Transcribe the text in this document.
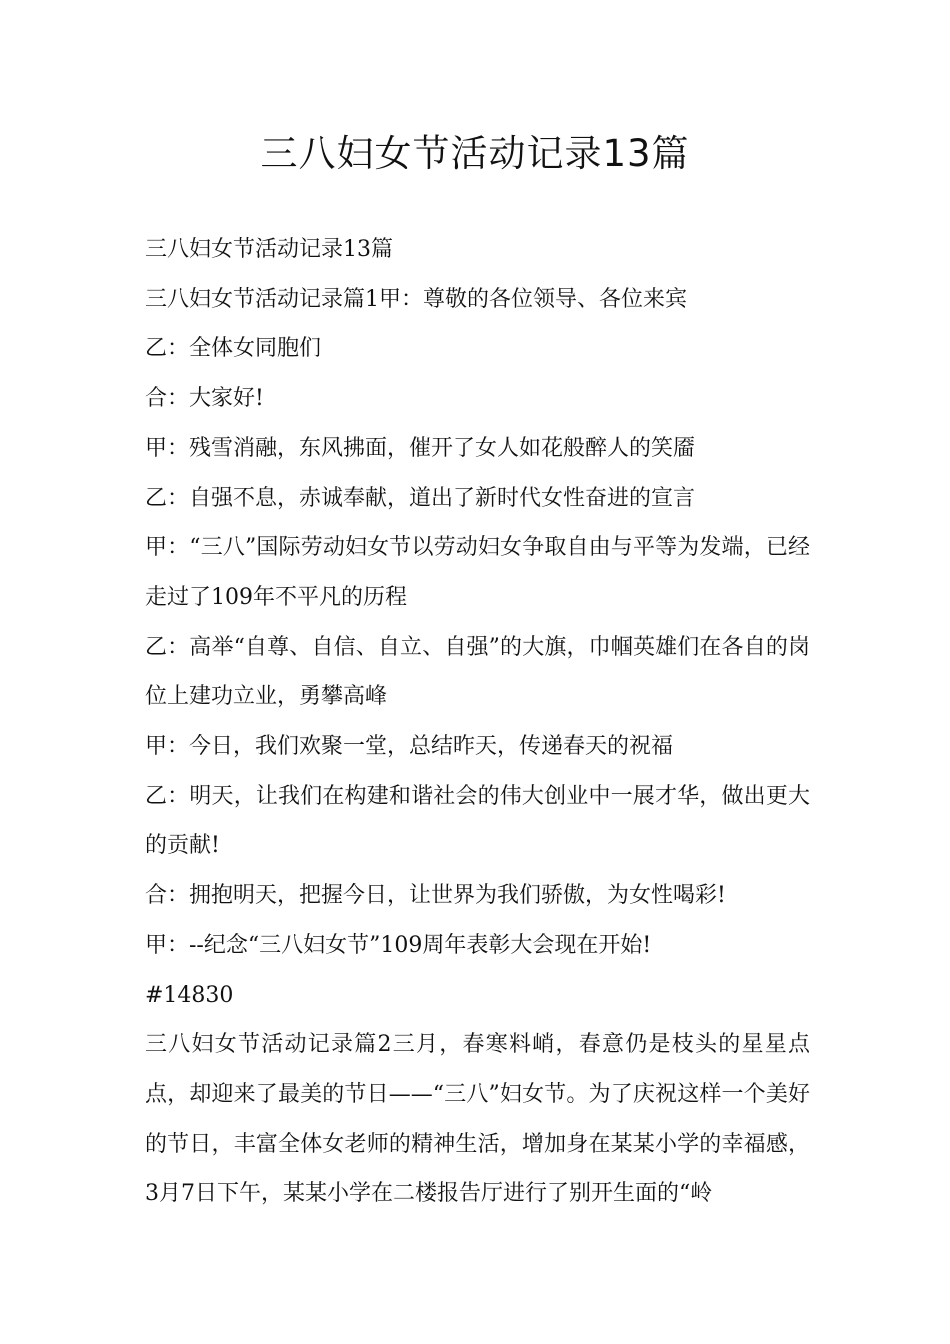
三八妇女节活动记录13篇

三八妇女节活动记录13篇

三八妇女节活动记录篇1甲：尊敬的各位领导、各位来宾

乙：全体女同胞们

合：大家好!

甲：残雪消融，东风拂面，催开了女人如花般醉人的笑靥

乙：自强不息，赤诚奉献，道出了新时代女性奋进的宣言

甲：“三八”国际劳动妇女节以劳动妇女争取自由与平等为发端，已经走过了109年不平凡的历程

乙：高举“自尊、自信、自立、自强”的大旗，巾帼英雄们在各自的岗位上建功立业，勇攀高峰

甲：今日，我们欢聚一堂，总结昨天，传递春天的祝福

乙：明天，让我们在构建和谐社会的伟大创业中一展才华，做出更大的贡献!

合：拥抱明天，把握今日，让世界为我们骄傲，为女性喝彩!

甲：--纪念“三八妇女节”109周年表彰大会现在开始!

#14830

三八妇女节活动记录篇2三月，春寒料峭，春意仍是枝头的星星点点，却迎来了最美的节日——“三八”妇女节。为了庆祝这样一个美好的节日，丰富全体女老师的精神生活，增加身在某某小学的幸福感，3月7日下午，某某小学在二楼报告厅进行了别开生面的“岭
